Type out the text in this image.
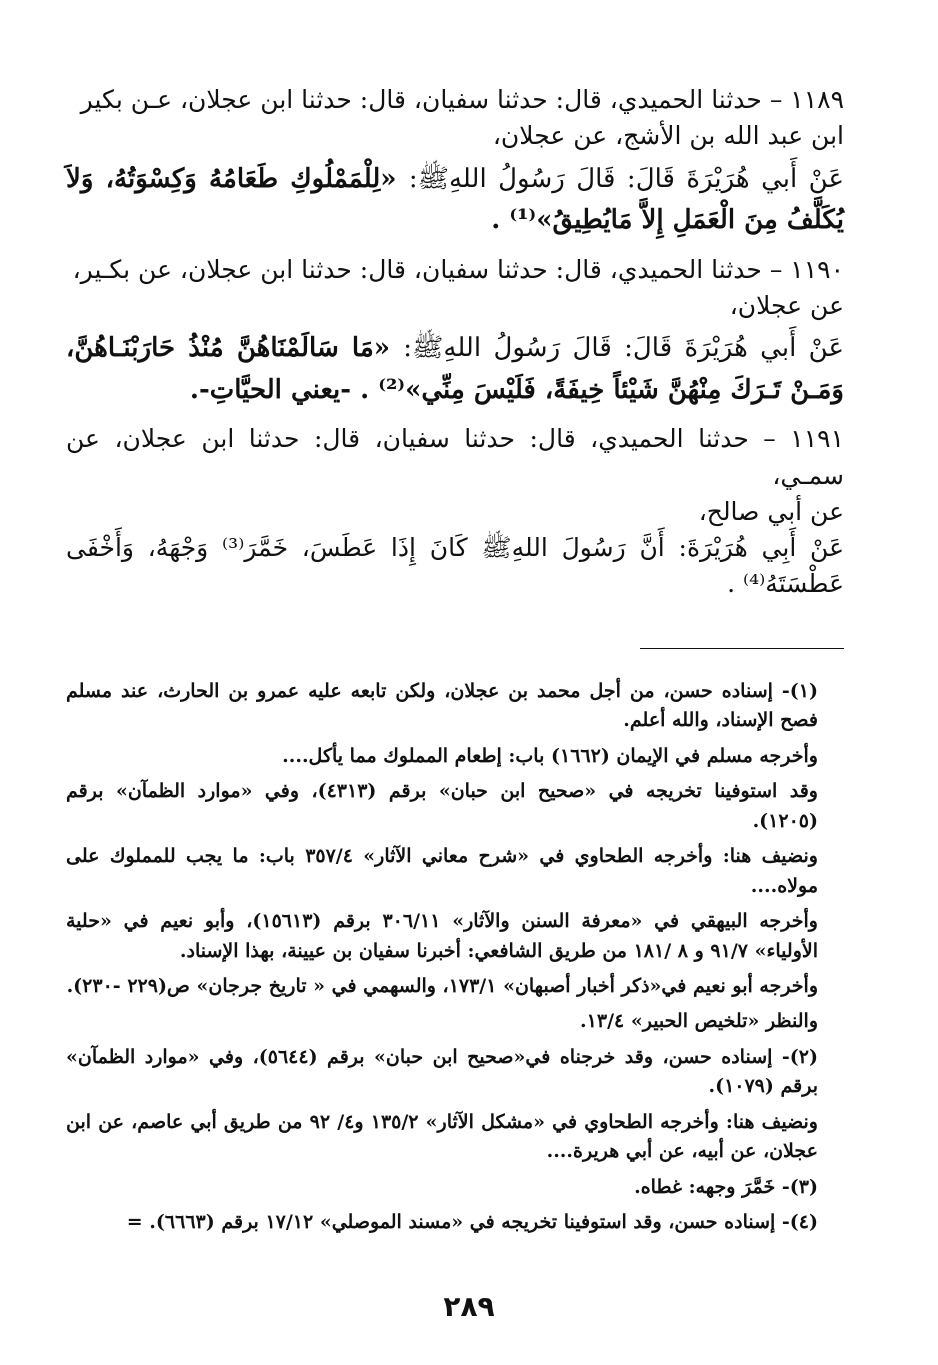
١١٨٩ – حدثنا الحميدي، قال: حدثنا سفيان، قال: حدثنا ابن عجلان، عـن بكير

ابن عبد الله بن الأشج، عن عجلان،

عَنْ أَبي هُرَيْرَةَ قَالَ: قَالَ رَسُولُ اللهِﷺ: «لِلْمَمْلُوكِ طَعَامُهُ وَكِسْوَتُهُ، وَلاَ يُكَلَّفُ مِنَ الْعَمَلِ إِلاَّ مَايُطِيقُ»⁽¹⁾ .

١١٩٠ – حدثنا الحميدي، قال: حدثنا سفيان، قال: حدثنا ابن عجلان، عن بكـير،

عن عجلان،

عَنْ أَبي هُرَيْرَةَ قَالَ: قَالَ رَسُولُ اللهِﷺ: «مَا سَالَمْنَاهُنَّ مُنْذُ حَارَبْنَـاهُنَّ، وَمَـنْ تَـرَكَ مِنْهُنَّ شَيْئاً خِيفَةً، فَلَيْسَ مِنِّي»⁽²⁾ . -يعني الحيَّاتِ-.

١١٩١ – حدثنا الحميدي، قال: حدثنا سفيان، قال: حدثنا ابن عجلان، عن سمـي،

عن أبي صالح،

عَنْ أَبِي هُرَيْرَةَ: أَنَّ رَسُولَ اللهِﷺ كَانَ إِذَا عَطَسَ، خَمَّرَ⁽³⁾ وَجْهَهُ، وَأَخْفَى عَطْسَتَهُ⁽⁴⁾ .

(١)- إسناده حسن، من أجل محمد بن عجلان، ولكن تابعه عليه عمرو بن الحارث، عند مسلم فصح الإسناد، والله أعلم.

وأخرجه مسلم في الإيمان (١٦٦٢) باب: إطعام المملوك مما يأكل....

وقد استوفينا تخريجه في «صحيح ابن حبان» برقم (٤٣١٣)، وفي «موارد الظمآن» برقم (١٢٠٥).

ونضيف هنا: وأخرجه الطحاوي في «شرح معاني الآثار» ٣٥٧/٤ باب: ما يجب للمملوك على مولاه....

وأخرجه البيهقي في «معرفة السنن والآثار» ٣٠٦/١١ برقم (١٥٦١٣)، وأبو نعيم في «حلية الأولياء» ٩١/٧ و ٨ /١٨١ من طريق الشافعي: أخبرنا سفيان بن عيينة، بهذا الإسناد.

وأخرجه أبو نعيم في«ذكر أخبار أصبهان» ١٧٣/١، والسهمي في « تاريخ جرجان» ص(٢٢٩ -٢٣٠).

والنظر «تلخيص الحبير» ١٣/٤.

(٢)- إسناده حسن، وقد خرجناه في«صحيح ابن حبان» برقم (٥٦٤٤)، وفي «موارد الظمآن» برقم (١٠٧٩).

ونضيف هنا: وأخرجه الطحاوي في «مشكل الآثار» ١٣٥/٢ و٤/ ٩٢ من طريق أبي عاصم، عن ابن عجلان، عن أبيه، عن أبي هريرة....

(٣)- خَمَّرَ وجهه: غطاه.

(٤)- إسناده حسن، وقد استوفينا تخريجه في «مسند الموصلي» ١٧/١٢ برقم (٦٦٦٣). =

٢٨٩
